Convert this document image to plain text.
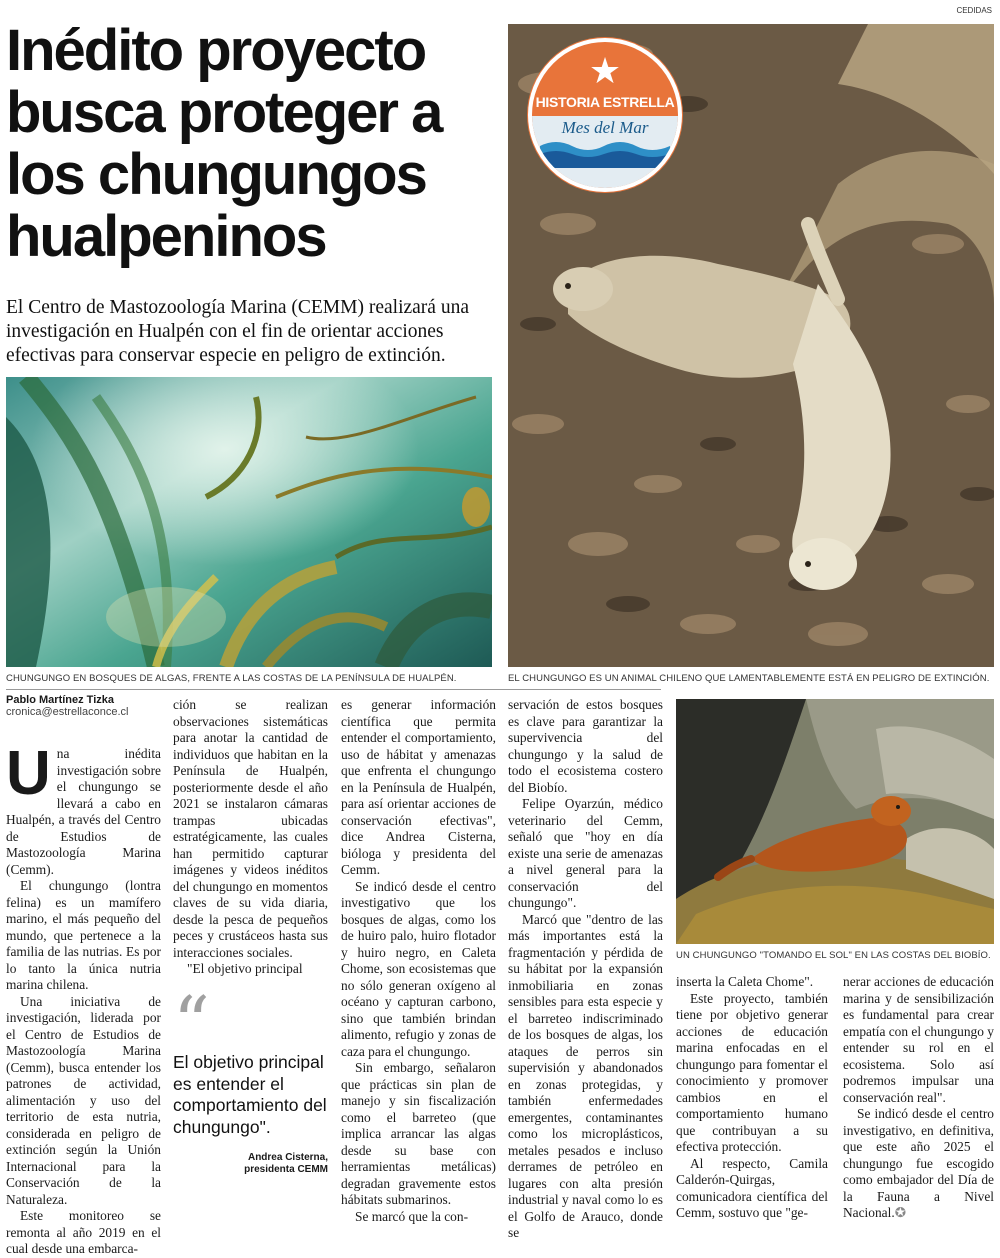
CEDIDAS
Inédito proyecto busca proteger a los chungungos hualpeninos
El Centro de Mastozoología Marina (CEMM) realizará una investigación en Hualpén con el fin de orientar acciones efectivas para conservar especie en peligro de extinción.
CHUNGUNGO EN BOSQUES DE ALGAS, FRENTE A LAS COSTAS DE LA PENÍNSULA DE HUALPÉN.
★
HISTORIA ESTRELLA
Mes del Mar
EL CHUNGUNGO ES UN ANIMAL CHILENO QUE LAMENTABLEMENTE ESTÁ EN PELIGRO DE EXTINCIÓN.
UN CHUNGUNGO "TOMANDO EL SOL" EN LAS COSTAS DEL BIOBÍO.
Pablo Martínez Tizka
cronica@estrellaconce.cl

Una inédita investigación sobre el chungungo se llevará a cabo en Hualpén, a través del Centro de Estudios de Mastozoología Marina (Cemm).

El chungungo (lontra felina) es un mamífero marino, el más pequeño del mundo, que pertenece a la familia de las nutrias. Es por lo tanto la única nutria marina chilena.

Una iniciativa de investigación, liderada por el Centro de Estudios de Mastozoología Marina (Cemm), busca entender los patrones de actividad, alimentación y uso del territorio de esta nutria, considerada en peligro de extinción según la Unión Internacional para la Conservación de la Naturaleza.

Este monitoreo se remonta al año 2019 en el cual desde una embarca-

ción se realizan observaciones sistemáticas para anotar la cantidad de individuos que habitan en la Península de Hualpén, posteriormente desde el año 2021 se instalaron cámaras trampas ubicadas estratégicamente, las cuales han permitido capturar imágenes y videos inéditos del chungungo en momentos claves de su vida diaria, desde la pesca de pequeños peces y crustáceos hasta sus interacciones sociales.

"El objetivo principal

“
El objetivo principal es entender el comportamiento del chungungo".
Andrea Cisterna,
presidenta CEMM

es generar información científica que permita entender el comportamiento, uso de hábitat y amenazas que enfrenta el chungungo en la Península de Hualpén, para así orientar acciones de conservación efectivas", dice Andrea Cisterna, bióloga y presidenta del Cemm.

Se indicó desde el centro investigativo que los bosques de algas, como los de huiro palo, huiro flotador y huiro negro, en Caleta Chome, son ecosistemas que no sólo generan oxígeno al océano y capturan carbono, sino que también brindan alimento, refugio y zonas de caza para el chungungo.

Sin embargo, señalaron que prácticas sin plan de manejo y sin fiscalización como el barreteo (que implica arrancar las algas desde su base con herramientas metálicas) degradan gravemente estos hábitats submarinos.

Se marcó que la con-

servación de estos bosques es clave para garantizar la supervivencia del chungungo y la salud de todo el ecosistema costero del Biobío.

Felipe Oyarzún, médico veterinario del Cemm, señaló que "hoy en día existe una serie de amenazas a nivel general para la conservación del chungungo".

Marcó que "dentro de las más importantes está la fragmentación y pérdida de su hábitat por la expansión inmobiliaria en zonas sensibles para esta especie y el barreteo indiscriminado de los bosques de algas, los ataques de perros sin supervisión y abandonados en zonas protegidas, y también enfermedades emergentes, contaminantes como los microplásticos, metales pesados e incluso derrames de petróleo en lugares con alta presión industrial y naval como lo es el Golfo de Arauco, donde se

inserta la Caleta Chome".

Este proyecto, también tiene por objetivo generar acciones de educación marina enfocadas en el chungungo para fomentar el conocimiento y promover cambios en el comportamiento humano que contribuyan a su efectiva protección.

Al respecto, Camila Calderón-Quirgas, comunicadora científica del Cemm, sostuvo que "ge-

nerar acciones de educación marina y de sensibilización es fundamental para crear empatía con el chungungo y entender su rol en el ecosistema. Solo así podremos impulsar una conservación real".

Se indicó desde el centro investigativo, en definitiva, que este año 2025 el chungungo fue escogido como embajador del Día de la Fauna a Nivel Nacional.✪
